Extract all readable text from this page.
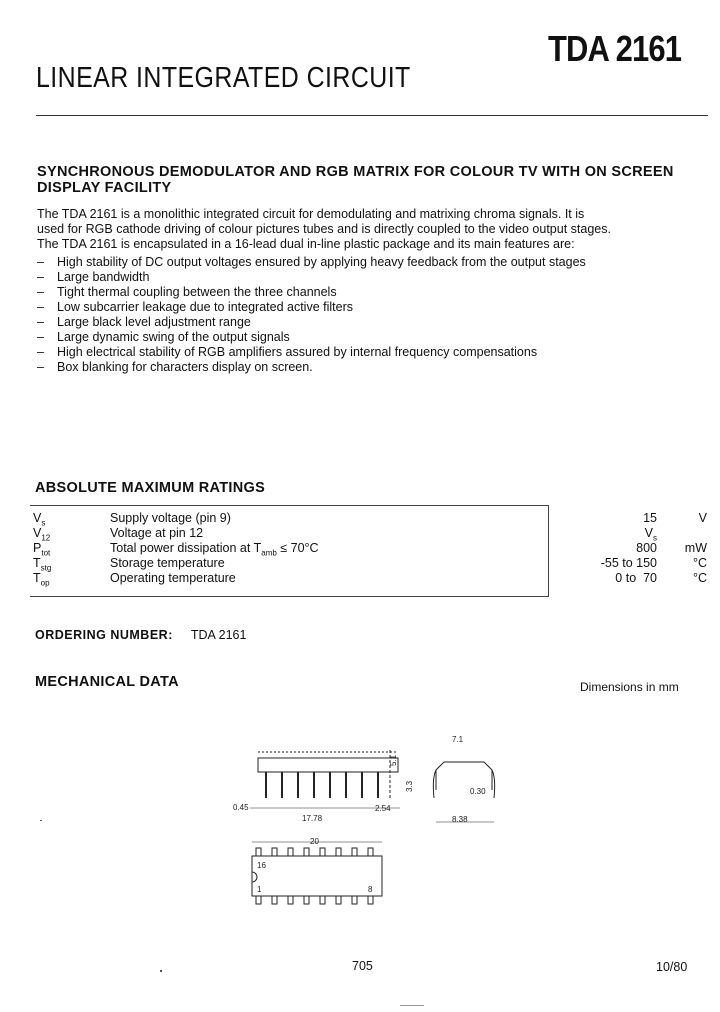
TDA 2161
LINEAR INTEGRATED CIRCUIT
SYNCHRONOUS DEMODULATOR AND RGB MATRIX FOR COLOUR TV WITH ON SCREEN DISPLAY FACILITY
The TDA 2161 is a monolithic integrated circuit for demodulating and matrixing chroma signals. It is
used for RGB cathode driving of colour pictures tubes and is directly coupled to the video output stages.
The TDA 2161 is encapsulated in a 16-lead dual in-line plastic package and its main features are:
– High stability of DC output voltages ensured by applying heavy feedback from the output stages
– Large bandwidth
– Tight thermal coupling between the three channels
– Low subcarrier leakage due to integrated active filters
– Large black level adjustment range
– Large dynamic swing of the output signals
– High electrical stability of RGB amplifiers assured by internal frequency compensations
– Box blanking for characters display on screen.
ABSOLUTE MAXIMUM RATINGS
$V_s$	Supply voltage (pin 9)	15	V
$V_{12}$	Voltage at pin 12	$V_s$
$P_{tot}$	Total power dissipation at $T_{amb} \le 70^\circ C$	800	mW
$T_{stg}$	Storage temperature	-55 to 150	°C
$T_{op}$	Operating temperature	0 to  70	°C
ORDERING NUMBER: TDA 2161
MECHANICAL DATA	Dimensions in mm
0.45
17.78
2.54
5.1
3.3
7.1
0.30
8.38
20
16
1	8
705	10/80
